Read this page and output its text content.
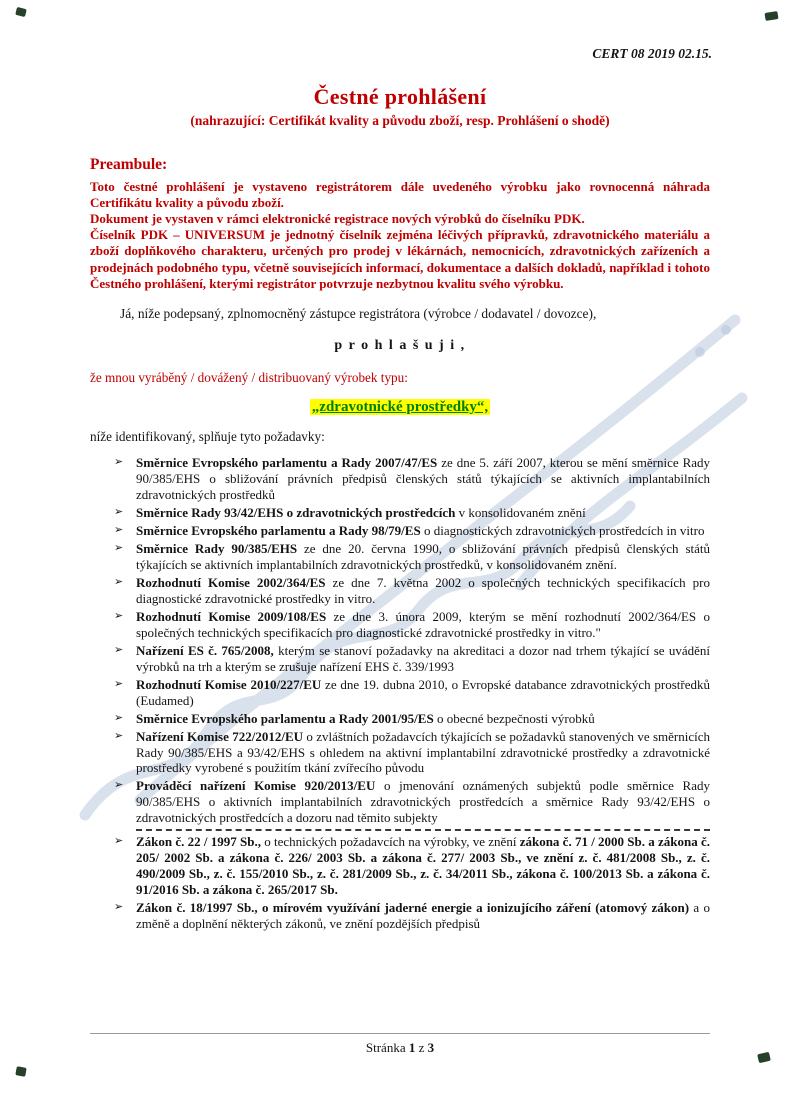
CERT 08 2019 02.15.
Čestné prohlášení
(nahrazující: Certifikát kvality a původu zboží, resp. Prohlášení o shodě)
Preambule:

Toto čestné prohlášení je vystaveno registrátorem dále uvedeného výrobku jako rovnocenná náhrada Certifikátu kvality a původu zboží.

Dokument je vystaven v rámci elektronické registrace nových výrobků do číselníku PDK.

Číselník PDK – UNIVERSUM je jednotný číselník zejména léčivých přípravků, zdravotnického materiálu a zboží doplňkového charakteru, určených pro prodej v lékárnách, nemocnicích, zdravotnických zařízeních a prodejnách podobného typu, včetně souvisejících informací, dokumentace a dalších dokladů, například i tohoto Čestného prohlášení, kterými registrátor potvrzuje nezbytnou kvalitu svého výrobku.

Já, níže podepsaný, zplnomocněný zástupce registrátora (výrobce / dodavatel / dovozce),

p r o h l a š u j i ,

že mnou vyráběný / dovážený / distribuovaný výrobek typu:

„zdravotnické prostředky“,

níže identifikovaný, splňuje tyto požadavky:

➢ Směrnice Evropského parlamentu a Rady 2007/47/ES ze dne 5. září 2007, kterou se mění směrnice Rady 90/385/EHS o sbližování právních předpisů členských států týkajících se aktivních implantabilních zdravotnických prostředků
➢ Směrnice Rady 93/42/EHS o zdravotnických prostředcích v konsolidovaném znění
➢ Směrnice Evropského parlamentu a Rady 98/79/ES o diagnostických zdravotnických prostředcích in vitro
➢ Směrnice Rady 90/385/EHS ze dne 20. června 1990, o sbližování právních předpisů členských států týkajících se aktivních implantabilních zdravotnických prostředků, v konsolidovaném znění.
➢ Rozhodnutí Komise 2002/364/ES ze dne 7. května 2002 o společných technických specifikacích pro diagnostické zdravotnické prostředky in vitro.
➢ Rozhodnutí Komise 2009/108/ES ze dne 3. února 2009, kterým se mění rozhodnutí 2002/364/ES o společných technických specifikacích pro diagnostické zdravotnické prostředky in vitro."
➢ Nařízení ES č. 765/2008, kterým se stanoví požadavky na akreditaci a dozor nad trhem týkající se uvádění výrobků na trh a kterým se zrušuje nařízení EHS č. 339/1993
➢ Rozhodnutí Komise 2010/227/EU ze dne 19. dubna 2010, o Evropské databance zdravotnických prostředků (Eudamed)
➢ Směrnice Evropského parlamentu a Rady 2001/95/ES o obecné bezpečnosti výrobků
➢ Nařízení Komise 722/2012/EU o zvláštních požadavcích týkajících se požadavků stanovených ve směrnicích Rady 90/385/EHS a 93/42/EHS s ohledem na aktivní implantabilní zdravotnické prostředky a zdravotnické prostředky vyrobené s použitím tkání zvířecího původu
➢ Prováděcí nařízení Komise 920/2013/EU o jmenování oznámených subjektů podle směrnice Rady 90/385/EHS o aktivních implantabilních zdravotnických prostředcích a směrnice Rady 93/42/EHS o zdravotnických prostředcích a dozoru nad těmito subjekty
➢ Zákon č. 22 / 1997 Sb., o technických požadavcích na výrobky, ve znění zákona č. 71 / 2000 Sb. a zákona č. 205/ 2002 Sb. a zákona č. 226/ 2003 Sb. a zákona č. 277/ 2003 Sb., ve znění z. č. 481/2008 Sb., z. č. 490/2009 Sb., z. č. 155/2010 Sb., z. č. 281/2009 Sb., z. č. 34/2011 Sb., zákona č. 100/2013 Sb. a zákona č. 91/2016 Sb. a zákona č. 265/2017 Sb.
➢ Zákon č. 18/1997 Sb., o mírovém využívání jaderné energie a ionizujícího záření (atomový zákon) a o změně a doplnění některých zákonů, ve znění pozdějších předpisů
Stránka 1 z 3
